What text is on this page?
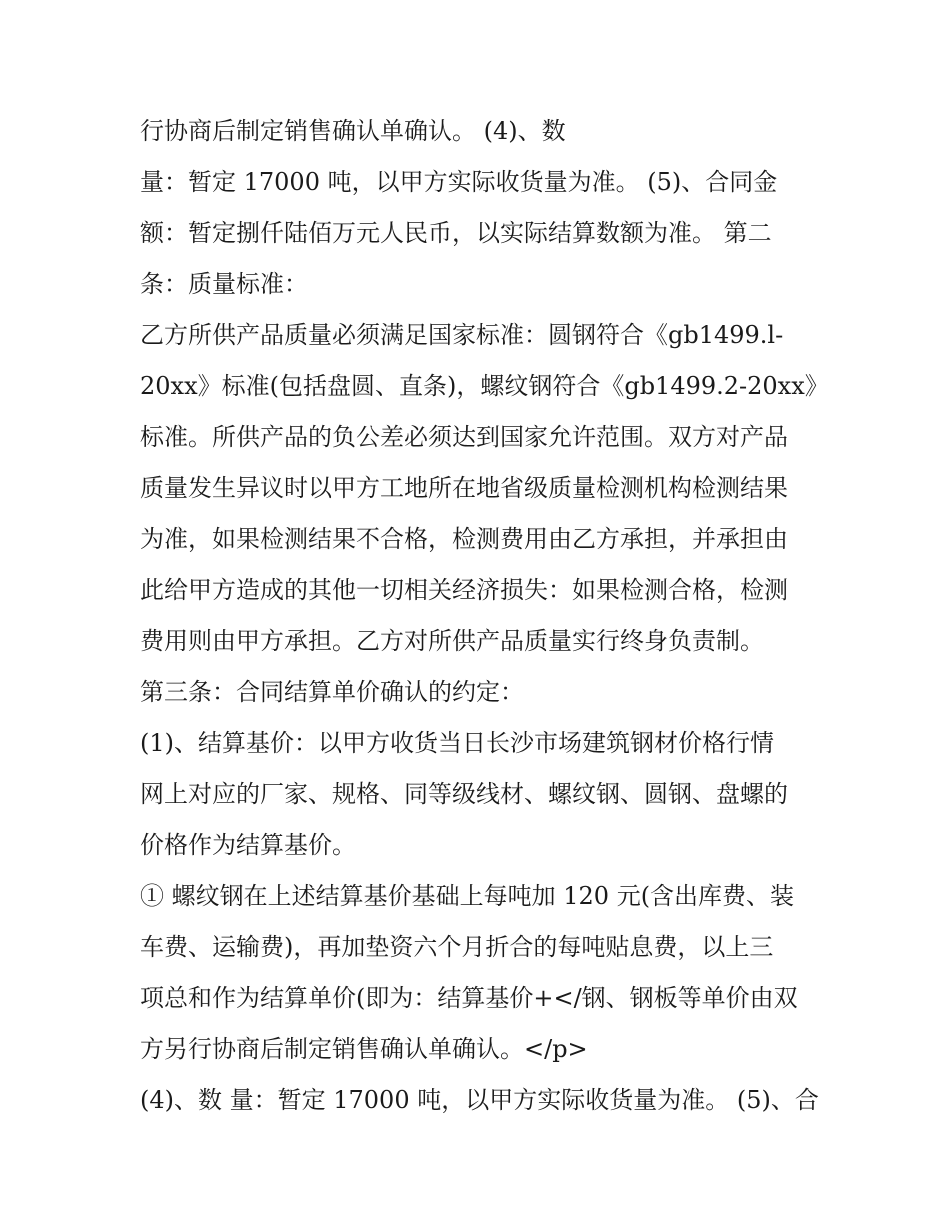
行协商后制定销售确认单确认。 (4)、数
量：暂定 17000 吨，以甲方实际收货量为准。 (5)、合同金
额：暂定捌仟陆佰万元人民币，以实际结算数额为准。 第二
条：质量标准：
乙方所供产品质量必须满足国家标准：圆钢符合《gb1499.l-
20xx》标准(包括盘圆、直条)，螺纹钢符合《gb1499.2-20xx》
标准。所供产品的负公差必须达到国家允许范围。双方对产品
质量发生异议时以甲方工地所在地省级质量检测机构检测结果
为准，如果检测结果不合格，检测费用由乙方承担，并承担由
此给甲方造成的其他一切相关经济损失：如果检测合格，检测
费用则由甲方承担。乙方对所供产品质量实行终身负责制。
第三条：合同结算单价确认的约定：
(1)、结算基价：以甲方收货当日长沙市场建筑钢材价格行情
网上对应的厂家、规格、同等级线材、螺纹钢、圆钢、盘螺的
价格作为结算基价。
① 螺纹钢在上述结算基价基础上每吨加 120 元(含出库费、装
车费、运输费)，再加垫资六个月折合的每吨贴息费，以上三
项总和作为结算单价(即为：结算基价+</钢、钢板等单价由双
方另行协商后制定销售确认单确认。</p>
(4)、数 量：暂定 17000 吨，以甲方实际收货量为准。 (5)、合
